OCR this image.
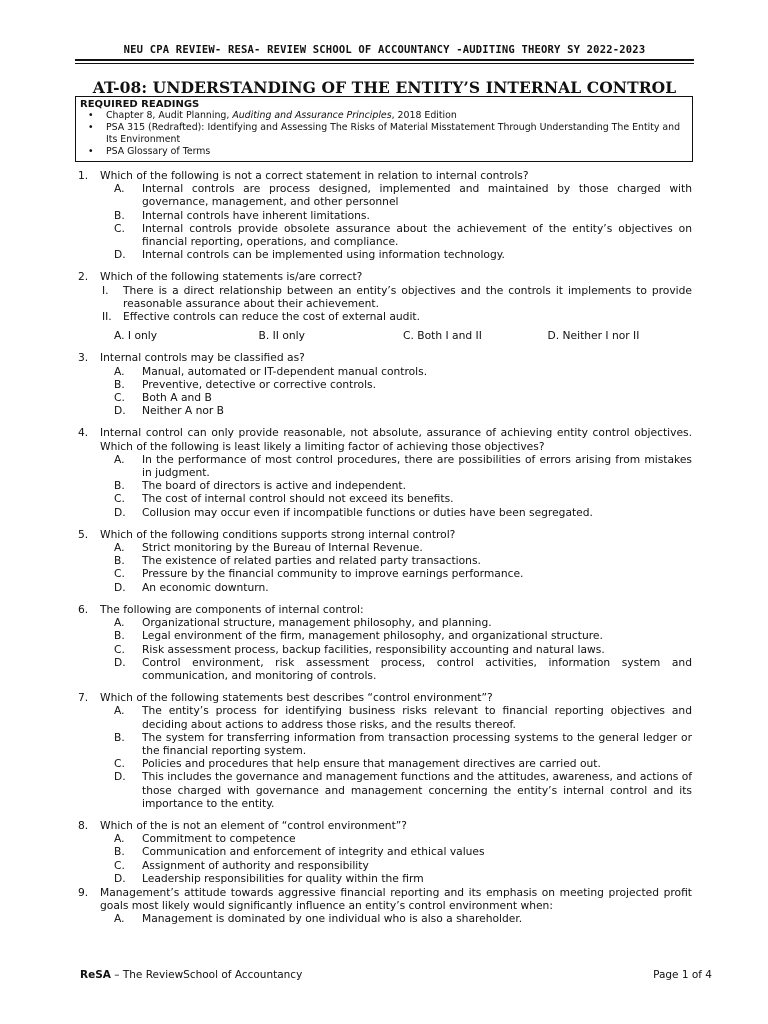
NEU CPA REVIEW- RESA- REVIEW SCHOOL OF ACCOUNTANCY -AUDITING THEORY SY 2022-2023
AT-08: UNDERSTANDING OF THE ENTITY’S INTERNAL CONTROL
REQUIRED READINGS
• Chapter 8, Audit Planning, Auditing and Assurance Principles, 2018 Edition
• PSA 315 (Redrafted): Identifying and Assessing The Risks of Material Misstatement Through Understanding The Entity and Its Environment
• PSA Glossary of Terms
1.	Which of the following is not a correct statement in relation to internal controls?
A.	Internal controls are process designed, implemented and maintained by those charged with governance, management, and other personnel
B.	Internal controls have inherent limitations.
C.	Internal controls provide obsolete assurance about the achievement of the entity’s objectives on financial reporting, operations, and compliance.
D.	Internal controls can be implemented using information technology.
2.	Which of the following statements is/are correct?
I. There is a direct relationship between an entity’s objectives and the controls it implements to provide reasonable assurance about their achievement.
II. Effective controls can reduce the cost of external audit.
A. I only	B. II only	C. Both I and II	D. Neither I nor II
3.	Internal controls may be classified as?
A.	Manual, automated or IT-dependent manual controls.
B.	Preventive, detective or corrective controls.
C.	Both A and B
D.	Neither A nor B
4.	Internal control can only provide reasonable, not absolute, assurance of achieving entity control objectives. Which of the following is least likely a limiting factor of achieving those objectives?
A.	In the performance of most control procedures, there are possibilities of errors arising from mistakes in judgment.
B.	The board of directors is active and independent.
C.	The cost of internal control should not exceed its benefits.
D.	Collusion may occur even if incompatible functions or duties have been segregated.
5.	Which of the following conditions supports strong internal control?
A.	Strict monitoring by the Bureau of Internal Revenue.
B.	The existence of related parties and related party transactions.
C.	Pressure by the financial community to improve earnings performance.
D.	An economic downturn.
6.	The following are components of internal control:
A.	Organizational structure, management philosophy, and planning.
B.	Legal environment of the firm, management philosophy, and organizational structure.
C.	Risk assessment process, backup facilities, responsibility accounting and natural laws.
D.	Control environment, risk assessment process, control activities, information system and communication, and monitoring of controls.
7.	Which of the following statements best describes “control environment”?
A.	The entity’s process for identifying business risks relevant to financial reporting objectives and deciding about actions to address those risks, and the results thereof.
B.	The system for transferring information from transaction processing systems to the general ledger or the financial reporting system.
C.	Policies and procedures that help ensure that management directives are carried out.
D.	This includes the governance and management functions and the attitudes, awareness, and actions of those charged with governance and management concerning the entity’s internal control and its importance to the entity.
8.	Which of the is not an element of “control environment”?
A.	Commitment to competence
B.	Communication and enforcement of integrity and ethical values
C.	Assignment of authority and responsibility
D.	Leadership responsibilities for quality within the firm
9.	Management’s attitude towards aggressive financial reporting and its emphasis on meeting projected profit goals most likely would significantly influence an entity’s control environment when:
A.	Management is dominated by one individual who is also a shareholder.
ReSA – The ReviewSchool of Accountancy	Page 1 of 4
